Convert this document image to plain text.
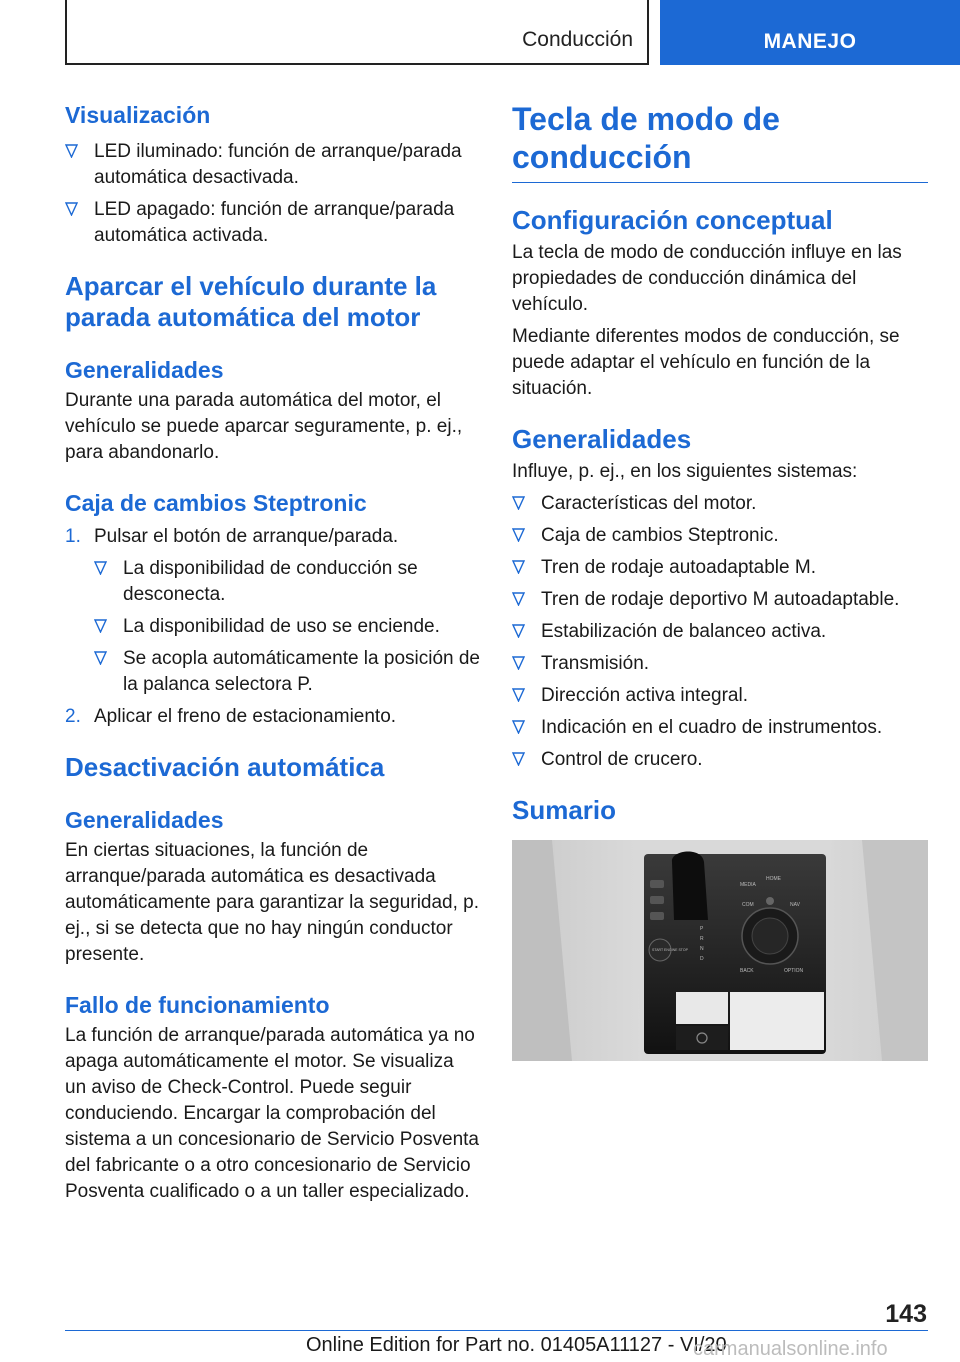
Conducción	MANEJO
Visualización
LED iluminado: función de arranque/parada automática desactivada.
LED apagado: función de arranque/parada automática activada.
Aparcar el vehículo durante la parada automática del motor
Generalidades
Durante una parada automática del motor, el vehículo se puede aparcar seguramente, p. ej., para abandonarlo.
Caja de cambios Steptronic
1. Pulsar el botón de arranque/parada.
La disponibilidad de conducción se desconecta.
La disponibilidad de uso se enciende.
Se acopla automáticamente la posición de la palanca selectora P.
2. Aplicar el freno de estacionamiento.
Desactivación automática
Generalidades
En ciertas situaciones, la función de arranque/parada automática es desactivada automáticamente para garantizar la seguridad, p. ej., si se detecta que no hay ningún conductor presente.
Fallo de funcionamiento
La función de arranque/parada automática ya no apaga automáticamente el motor. Se visualiza un aviso de Check-Control. Puede seguir conduciendo. Encargar la comprobación del sistema a un concesionario de Servicio Posventa del fabricante o a otro concesionario de Servicio Posventa cualificado o a un taller especializado.
Tecla de modo de conducción
Configuración conceptual
La tecla de modo de conducción influye en las propiedades de conducción dinámica del vehículo.
Mediante diferentes modos de conducción, se puede adaptar el vehículo en función de la situación.
Generalidades
Influye, p. ej., en los siguientes sistemas:
Características del motor.
Caja de cambios Steptronic.
Tren de rodaje autoadaptable M.
Tren de rodaje deportivo M autoadaptable.
Estabilización de balanceo activa.
Transmisión.
Dirección activa integral.
Indicación en el cuadro de instrumentos.
Control de crucero.
Sumario
MEDIA
HOME
COM	NAV
BACK	OPTION
START ENGINE STOP
P
R
N
D
143
Online Edition for Part no. 01405A11127 - VI/20
carmanualsonline.info
